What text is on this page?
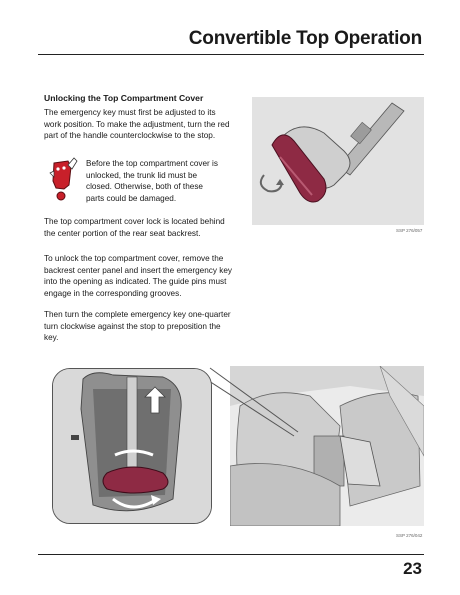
Convertible Top Operation
Unlocking the Top Compartment Cover
The emergency key must first be adjusted to its work position. To make the adjustment, turn the red part of the handle counterclockwise to the stop.
Before the top compartment cover is unlocked, the trunk lid must be closed. Otherwise, both of these parts could be damaged.
The top compartment cover lock is located behind the center portion of the rear seat backrest.
To unlock the top compartment cover, remove the backrest center panel and insert the emergency key into the opening as indicated. The guide pins must engage in the corresponding grooves.
Then turn the complete emergency key one-quarter turn clockwise against the stop to preposition the key.
SSP 276/057
SSP 276/042
23
